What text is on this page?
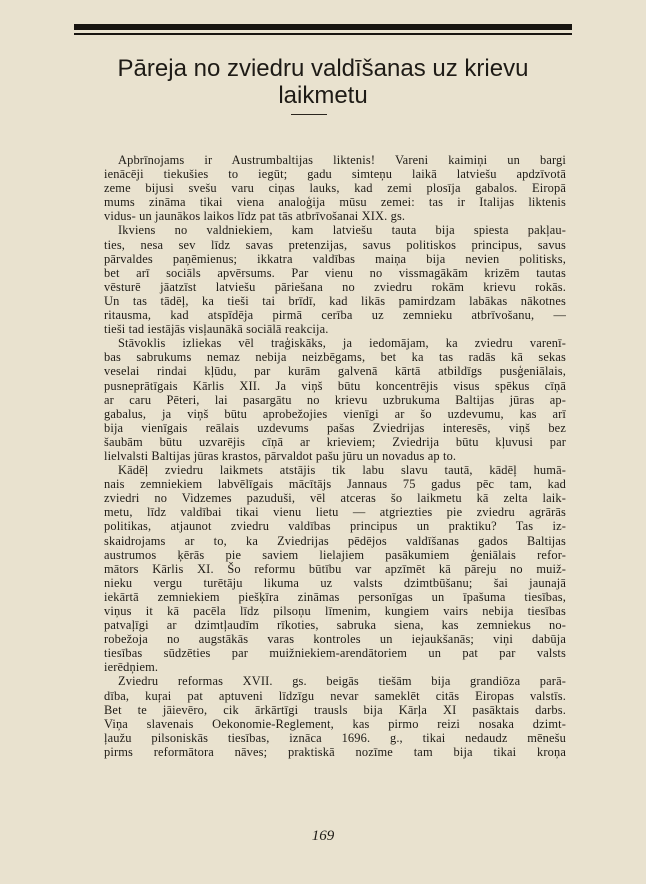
Pāreja no zviedru valdīšanas uz krievu laikmetu
Apbrīnojams ir Austrumbaltijas liktenis! Vareni kaimiņi un bargi
ienācēji tiekušies to iegūt; gadu simteņu laikā latviešu apdzīvotā
zeme bijusi svešu varu ciņas lauks, kad zemi plosīja gabalos. Eiropā
mums zināma tikai viena analoģija mūsu zemei: tas ir Italijas liktenis
vidus- un jaunākos laikos līdz pat tās atbrīvošanai XIX. gs.
Ikviens no valdniekiem, kam latviešu tauta bija spiesta pakļau-
ties, nesa sev līdz savas pretenzijas, savus politiskos principus, savus
pārvaldes paņēmienus; ikkatra valdības maiņa bija nevien politisks,
bet arī sociāls apvērsums. Par vienu no vissmagākām krizēm tautas
vēsturē jāatzīst latviešu pāriešana no zviedru rokām krievu rokās.
Un tas tādēļ, ka tieši tai brīdī, kad likās pamirdzam labākas nākotnes
ritausma, kad atspīdēja pirmā cerība uz zemnieku atbrīvošanu, —
tieši tad iestājās visļaunākā sociālā reakcija.
Stāvoklis izliekas vēl traģiskāks, ja iedomājam, ka zviedru varenī-
bas sabrukums nemaz nebija neizbēgams, bet ka tas radās kā sekas
veselai rindai kļūdu, par kurām galvenā kārtā atbildīgs pusģeniālais,
pusneprātīgais Kārlis XII. Ja viņš būtu koncentrējis visus spēkus cīņā
ar caru Pēteri, lai pasargātu no krievu uzbrukuma Baltijas jūras ap-
gabalus, ja viņš būtu aprobežojies vienīgi ar šo uzdevumu, kas arī
bija vienīgais reālais uzdevums pašas Zviedrijas interesēs, viņš bez
šaubām būtu uzvarējis cīņā ar krieviem; Zviedrija būtu kļuvusi par
lielvalsti Baltijas jūras krastos, pārvaldot pašu jūru un novadus ap to.
Kādēļ zviedru laikmets atstājis tik labu slavu tautā, kādēļ humā-
nais zemniekiem labvēlīgais mācītājs Jannaus 75 gadus pēc tam, kad
zviedri no Vidzemes pazuduši, vēl atceras šo laikmetu kā zelta laik-
metu, līdz valdībai tikai vienu lietu — atgriezties pie zviedru agrārās
politikas, atjaunot zviedru valdības principus un praktiku? Tas iz-
skaidrojams ar to, ka Zviedrijas pēdējos valdīšanas gados Baltijas
austrumos ķērās pie saviem lielajiem pasākumiem ģeniālais refor-
mātors Kārlis XI. Šo reformu būtību var apzīmēt kā pāreju no muiž-
nieku vergu turētāju likuma uz valsts dzimtbūšanu; šai jaunajā
iekārtā zemniekiem piešķīra zināmas personīgas un īpašuma tiesības,
viņus it kā pacēla līdz pilsoņu līmenim, kungiem vairs nebija tiesības
patvaļīgi ar dzimtļaudīm rīkoties, sabruka siena, kas zemniekus no-
robežoja no augstākās varas kontroles un iejaukšanās; viņi dabūja
tiesības sūdzēties par muižniekiem-arendātoriem un pat par valsts
ierēdņiem.
Zviedru reformas XVII. gs. beigās tiešām bija grandiōza parā-
dība, kuŗai pat aptuveni līdzīgu nevar sameklēt citās Eiropas valstīs.
Bet te jāievēro, cik ārkārtīgi trausls bija Kārļa XI pasāktais darbs.
Viņa slavenais Oekonomie-Reglement, kas pirmo reizi nosaka dzimt-
ļaužu pilsoniskās tiesības, iznāca 1696. g., tikai nedaudz mēnešu
pirms reformātora nāves; praktiskā nozīme tam bija tikai kroņa
169
